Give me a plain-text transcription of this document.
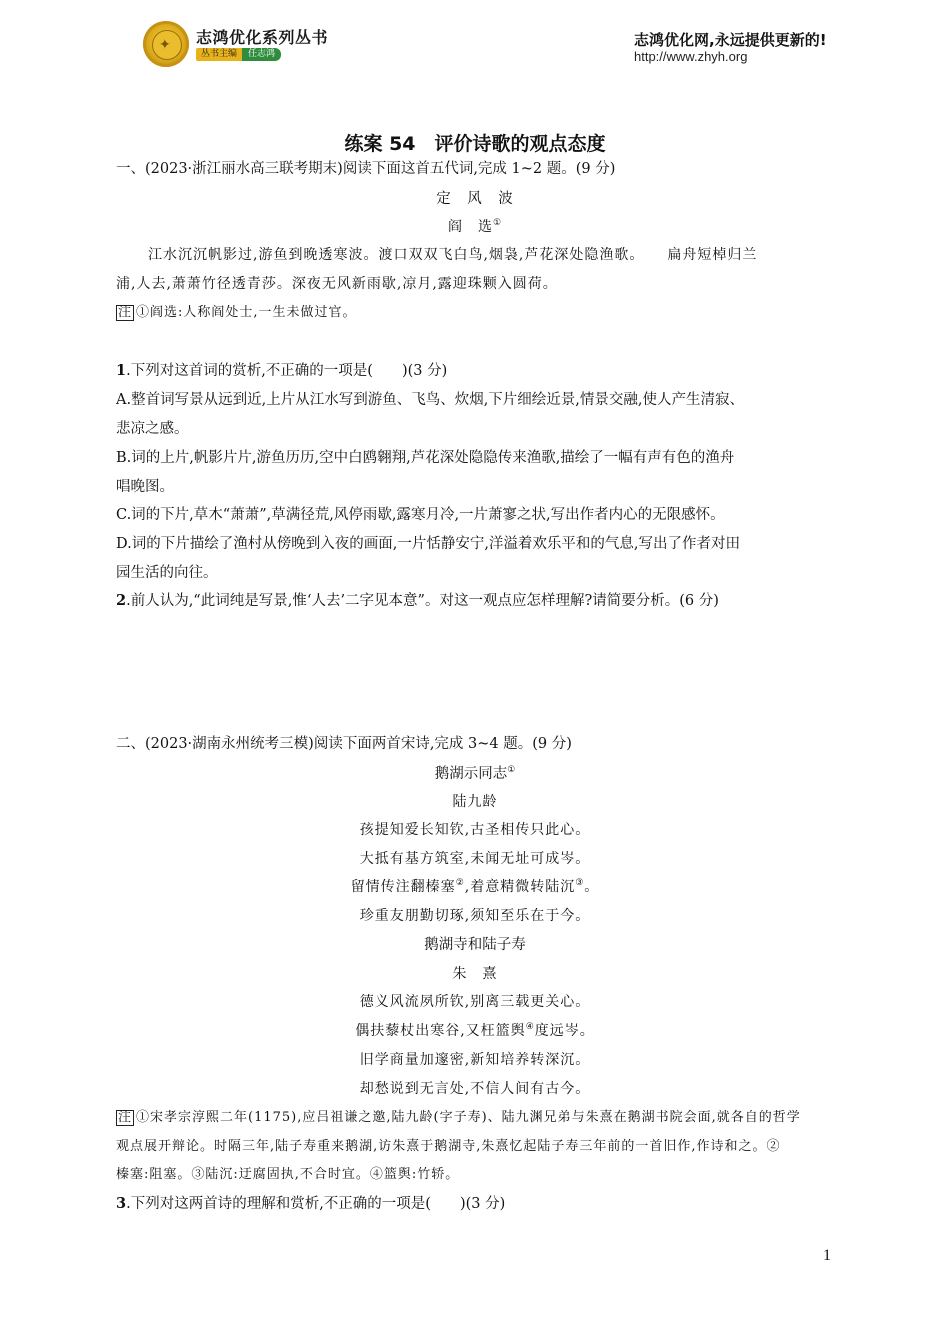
✦ 志鸿优化系列丛书
丛书主编	任志鸿
志鸿优化网,永远提供更新的!
http://www.zhyh.org
练案 54　评价诗歌的观点态度
一、(2023·浙江丽水高三联考期末)阅读下面这首五代词,完成 1~2 题。(9 分)
定　风　波
阎　选①
江水沉沉帆影过,游鱼到晚透寒波。渡口双双飞白鸟,烟袅,芦花深处隐渔歌。　　扁舟短棹归兰
浦,人去,萧萧竹径透青莎。深夜无风新雨歇,凉月,露迎珠颗入圆荷。
注 ①阎选:人称阎处士,一生未做过官。
1.下列对这首词的赏析,不正确的一项是(　　)(3 分)
A.整首词写景从远到近,上片从江水写到游鱼、飞鸟、炊烟,下片细绘近景,情景交融,使人产生清寂、
悲凉之感。
B.词的上片,帆影片片,游鱼历历,空中白鸥翱翔,芦花深处隐隐传来渔歌,描绘了一幅有声有色的渔舟
唱晚图。
C.词的下片,草木“萧萧”,草满径荒,风停雨歇,露寒月冷,一片萧寥之状,写出作者内心的无限感怀。
D.词的下片描绘了渔村从傍晚到入夜的画面,一片恬静安宁,洋溢着欢乐平和的气息,写出了作者对田
园生活的向往。
2.前人认为,“此词纯是写景,惟‘人去’二字见本意”。对这一观点应怎样理解?请简要分析。(6 分)
二、(2023·湖南永州统考三模)阅读下面两首宋诗,完成 3~4 题。(9 分)
鹅湖示同志①
陆九龄
孩提知爱长知钦,古圣相传只此心。
大抵有基方筑室,未闻无址可成岑。
留情传注翻榛塞②,着意精微转陆沉③。
珍重友朋勤切琢,须知至乐在于今。
鹅湖寺和陆子寿
朱　熹
德义风流夙所钦,别离三载更关心。
偶扶藜杖出寒谷,又枉篮舆④度远岑。
旧学商量加邃密,新知培养转深沉。
却愁说到无言处,不信人间有古今。
注 ①宋孝宗淳熙二年(1175),应吕祖谦之邀,陆九龄(字子寿)、陆九渊兄弟与朱熹在鹅湖书院会面,就各自的哲学
观点展开辩论。时隔三年,陆子寿重来鹅湖,访朱熹于鹅湖寺,朱熹忆起陆子寿三年前的一首旧作,作诗和之。②
榛塞:阻塞。③陆沉:迂腐固执,不合时宜。④篮舆:竹轿。
3.下列对这两首诗的理解和赏析,不正确的一项是(　　)(3 分)
1
